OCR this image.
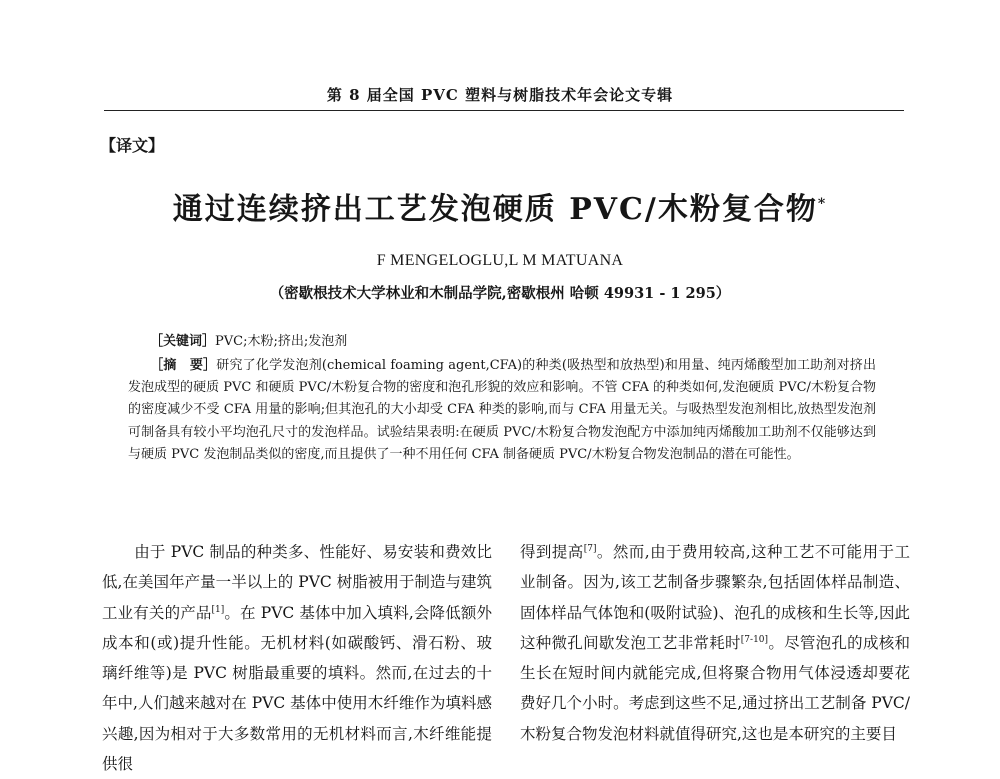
第 8 届全国 PVC 塑料与树脂技术年会论文专辑
【译文】
通过连续挤出工艺发泡硬质 PVC/木粉复合物*
F MENGELOGLU,L M MATUANA
（密歇根技术大学林业和木制品学院,密歇根州 哈顿 49931 - 1 295）
［关键词］PVC;木粉;挤出;发泡剂
［摘　要］研究了化学发泡剂(chemical foaming agent,CFA)的种类(吸热型和放热型)和用量、纯丙烯酸型加工助剂对挤出发泡成型的硬质 PVC 和硬质 PVC/木粉复合物的密度和泡孔形貌的效应和影响。不管 CFA 的种类如何,发泡硬质 PVC/木粉复合物的密度减少不受 CFA 用量的影响;但其泡孔的大小却受 CFA 种类的影响,而与 CFA 用量无关。与吸热型发泡剂相比,放热型发泡剂可制备具有较小平均泡孔尺寸的发泡样品。试验结果表明:在硬质 PVC/木粉复合物发泡配方中添加纯丙烯酸加工助剂不仅能够达到与硬质 PVC 发泡制品类似的密度,而且提供了一种不用任何 CFA 制备硬质 PVC/木粉复合物发泡制品的潜在可能性。
由于 PVC 制品的种类多、性能好、易安装和费效比低,在美国年产量一半以上的 PVC 树脂被用于制造与建筑工业有关的产品[1]。在 PVC 基体中加入填料,会降低额外成本和(或)提升性能。无机材料(如碳酸钙、滑石粉、玻璃纤维等)是 PVC 树脂最重要的填料。然而,在过去的十年中,人们越来越对在 PVC 基体中使用木纤维作为填料感兴趣,因为相对于大多数常用的无机材料而言,木纤维能提供很
得到提高[7]。然而,由于费用较高,这种工艺不可能用于工业制备。因为,该工艺制备步骤繁杂,包括固体样品制造、固体样品气体饱和(吸附试验)、泡孔的成核和生长等,因此这种微孔间歇发泡工艺非常耗时[7-10]。尽管泡孔的成核和生长在短时间内就能完成,但将聚合物用气体浸透却要花费好几个小时。考虑到这些不足,通过挤出工艺制备 PVC/木粉复合物发泡材料就值得研究,这也是本研究的主要目
